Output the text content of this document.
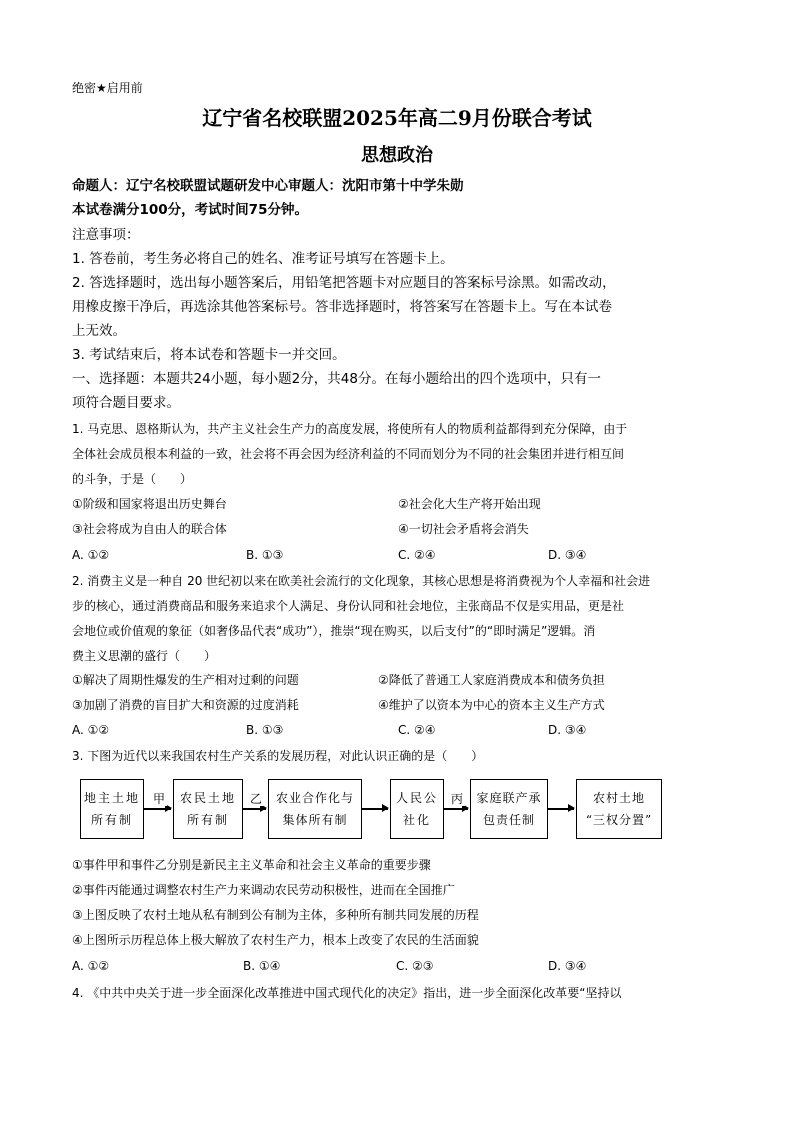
绝密★启用前
辽宁省名校联盟2025年高二9月份联合考试
思想政治
命题人：辽宁名校联盟试题研发中心审题人：沈阳市第十中学朱勋
本试卷满分100分，考试时间75分钟。
注意事项：
1. 答卷前，考生务必将自己的姓名、准考证号填写在答题卡上。
2. 答选择题时，选出每小题答案后，用铅笔把答题卡对应题目的答案标号涂黑。如需改动，
用橡皮擦干净后，再选涂其他答案标号。答非选择题时，将答案写在答题卡上。写在本试卷
上无效。
3. 考试结束后，将本试卷和答题卡一并交回。
一、选择题：本题共24小题，每小题2分，共48分。在每小题给出的四个选项中，只有一
项符合题目要求。
1. 马克思、恩格斯认为，共产主义社会生产力的高度发展，将使所有人的物质利益都得到充分保障，由于
全体社会成员根本利益的一致，社会将不再会因为经济利益的不同而划分为不同的社会集团并进行相互间
的斗争，于是（　　）
①阶级和国家将退出历史舞台	②社会化大生产将开始出现
③社会将成为自由人的联合体	④一切社会矛盾将会消失
A. ①②	B. ①③	C. ②④	D. ③④
2. 消费主义是一种自 20 世纪初以来在欧美社会流行的文化现象，其核心思想是将消费视为个人幸福和社会进
步的核心，通过消费商品和服务来追求个人满足、身份认同和社会地位，主张商品不仅是实用品，更是社
会地位或价值观的象征（如奢侈品代表“成功”），推崇“现在购买，以后支付”的“即时满足”逻辑。消
费主义思潮的盛行（　　）
①解决了周期性爆发的生产相对过剩的问题	②降低了普通工人家庭消费成本和债务负担
③加剧了消费的盲目扩大和资源的过度消耗	④维护了以资本为中心的资本主义生产方式
A. ①②	B. ①③	C. ②④	D. ③④
3. 下图为近代以来我国农村生产关系的发展历程，对此认识正确的是（　　）
地主土地
所有制
甲 农民土地
所有制
乙 农业合作化与
集体所有制
人民公
社化
丙 家庭联产承
包责任制
农村土地
“三权分置”
①事件甲和事件乙分别是新民主主义革命和社会主义革命的重要步骤
②事件丙能通过调整农村生产力来调动农民劳动积极性，进而在全国推广
③上图反映了农村土地从私有制到公有制为主体，多种所有制共同发展的历程
④上图所示历程总体上极大解放了农村生产力，根本上改变了农民的生活面貌
A. ①②	B. ①④	C. ②③	D. ③④
4. 《中共中央关于进一步全面深化改革推进中国式现代化的决定》指出，进一步全面深化改革要“坚持以
